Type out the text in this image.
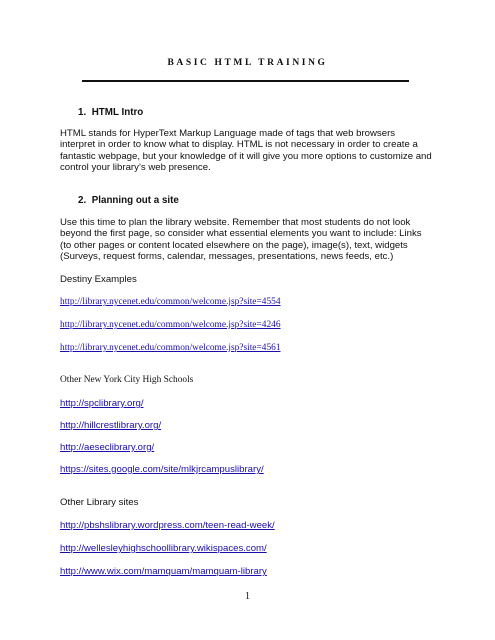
BASIC HTML TRAINING
1. HTML Intro
HTML stands for HyperText Markup Language made of tags that web browsers
interpret in order to know what to display. HTML is not necessary in order to create a
fantastic webpage, but your knowledge of it will give you more options to customize and
control your library’s web presence.
2. Planning out a site
Use this time to plan the library website. Remember that most students do not look
beyond the first page, so consider what essential elements you want to include: Links
(to other pages or content located elsewhere on the page), image(s), text, widgets
(Surveys, request forms, calendar, messages, presentations, news feeds, etc.)
Destiny Examples
http://library.nycenet.edu/common/welcome.jsp?site=4554
http://library.nycenet.edu/common/welcome.jsp?site=4246
http://library.nycenet.edu/common/welcome.jsp?site=4561
Other New York City High Schools
http://spclibrary.org/
http://hillcrestlibrary.org/
http://aeseclibrary.org/
https://sites.google.com/site/mlkjrcampuslibrary/
Other Library sites
http://pbshslibrary.wordpress.com/teen-read-week/
http://wellesleyhighschoollibrary.wikispaces.com/
http://www.wix.com/mamquam/mamquam-library
1
